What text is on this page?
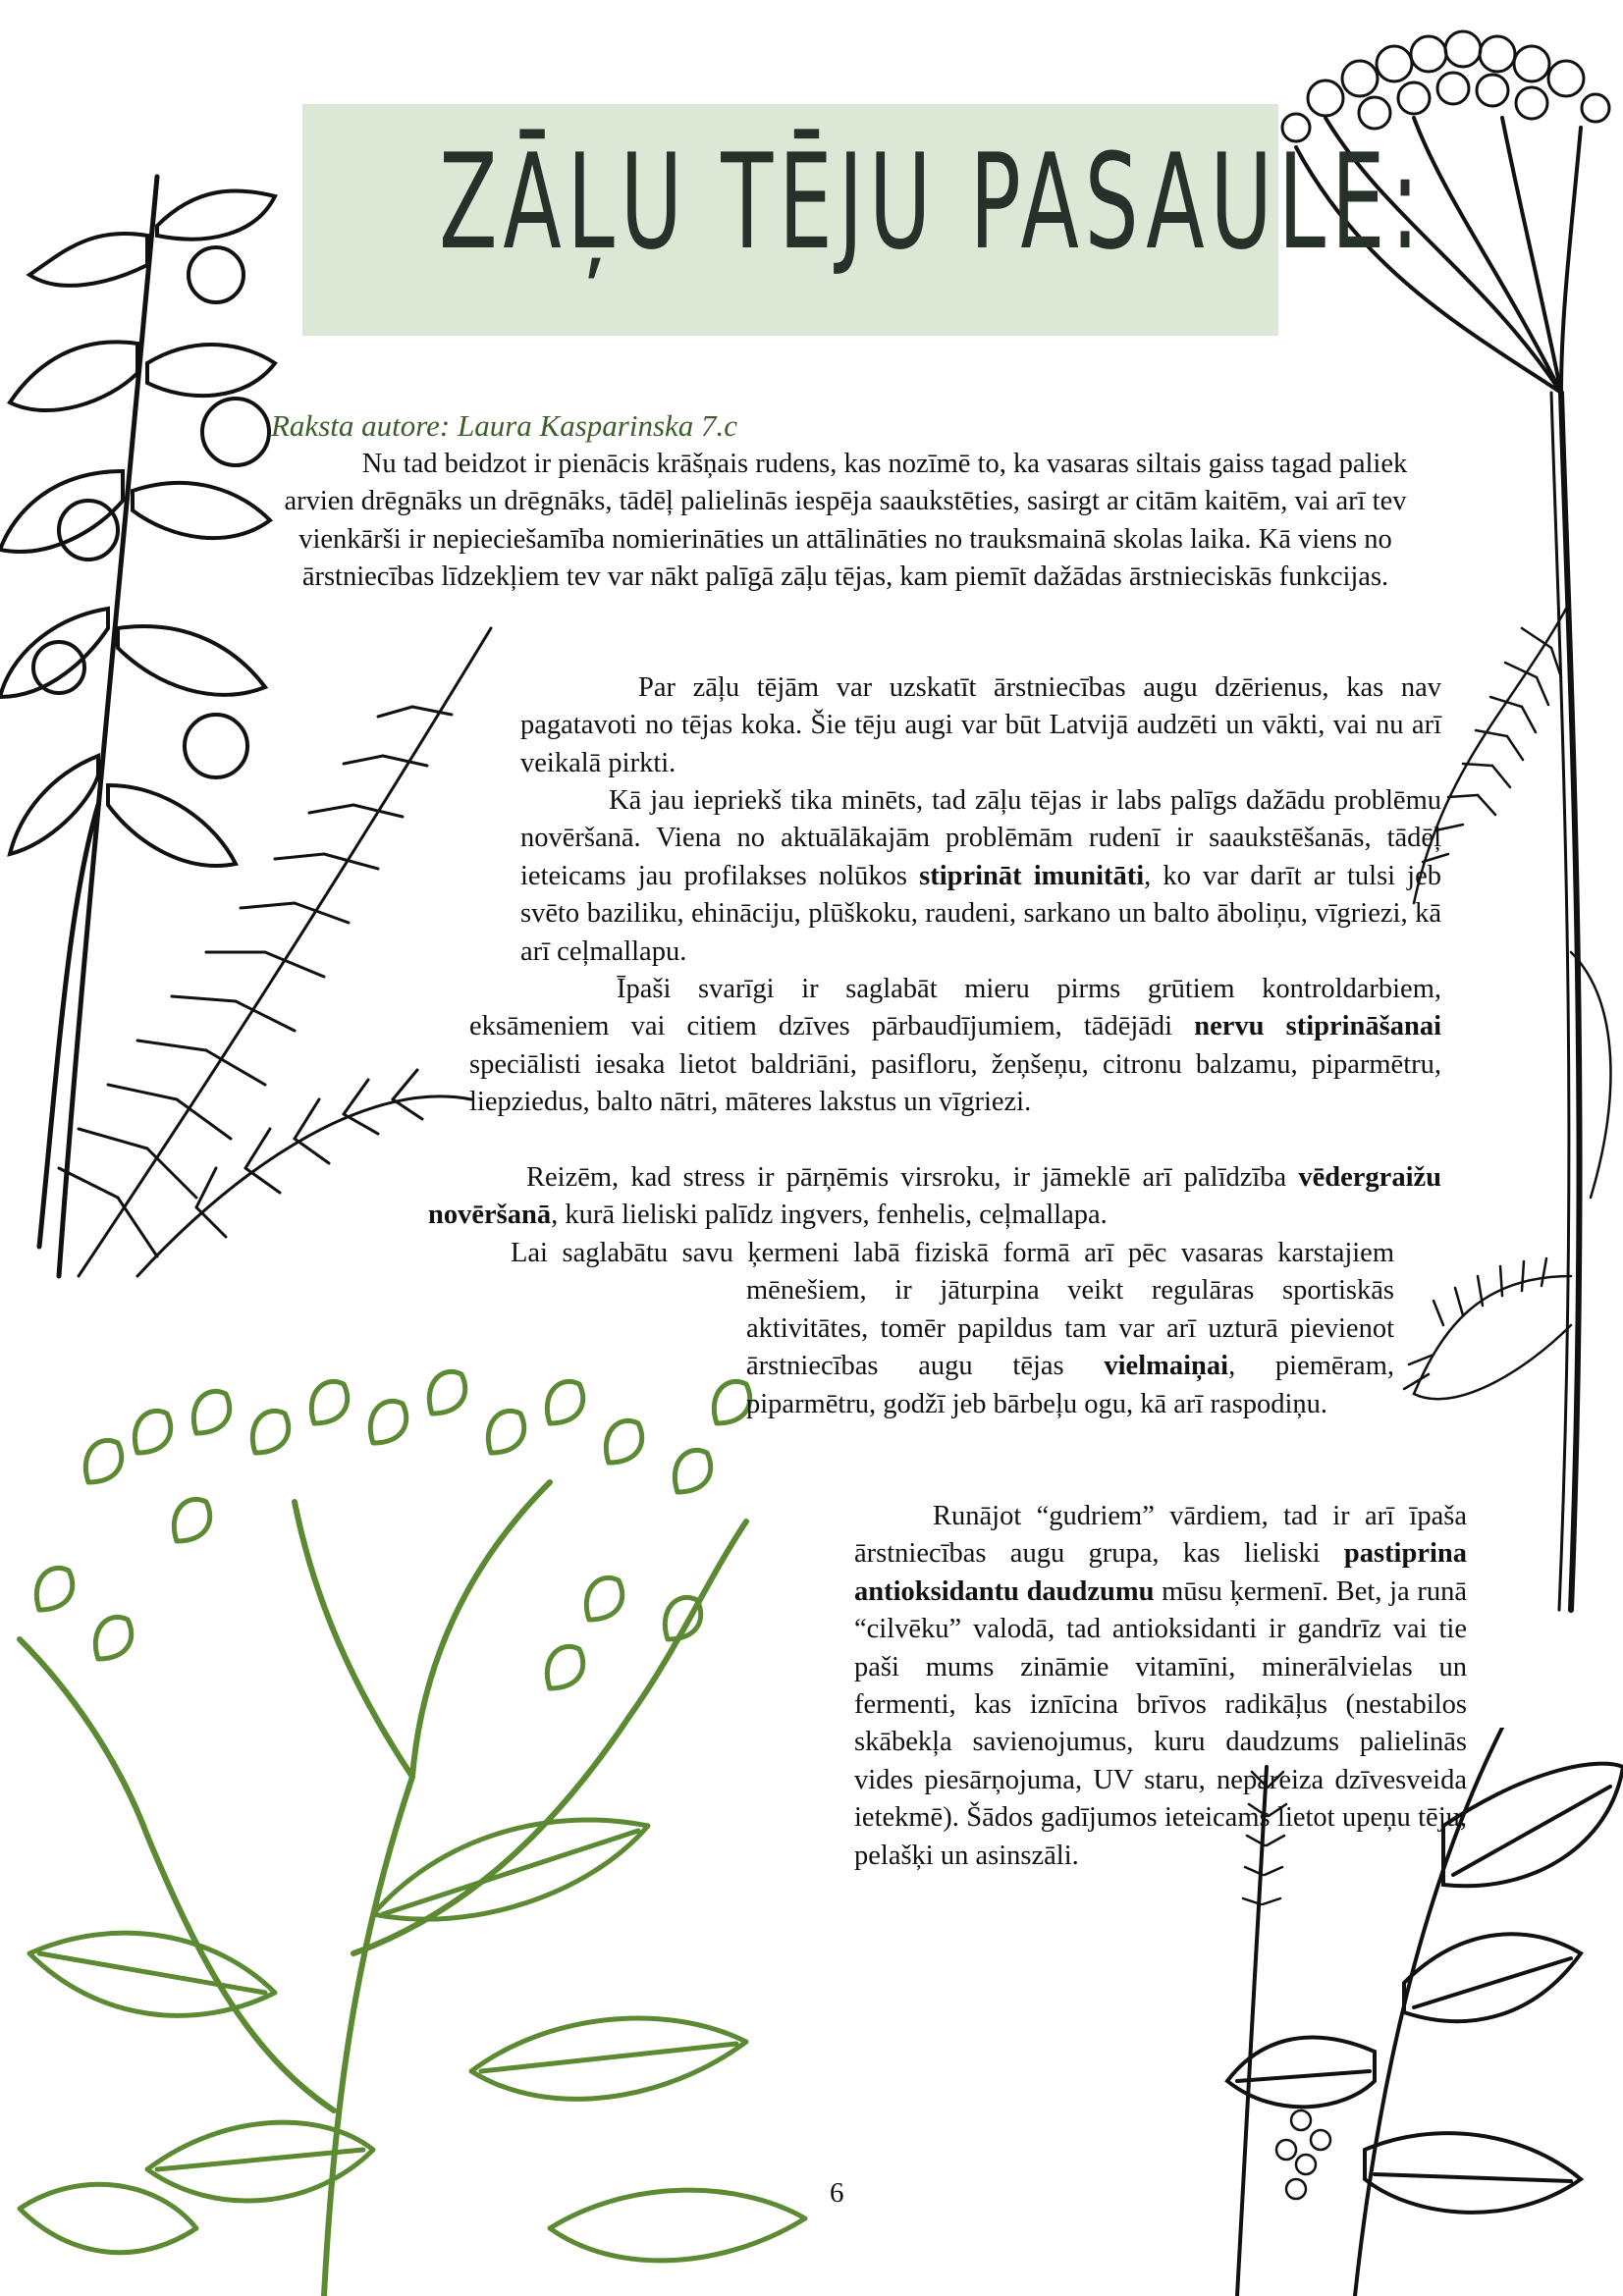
ZĀĻU TĒJU PASAULE:
Raksta autore: Laura Kasparinska 7.c

Nu tad beidzot ir pienācis krāšņais rudens, kas nozīmē to, ka vasaras siltais gaiss tagad paliek arvien drēgnāks un drēgnāks, tādēļ palielinās iespēja saaukstēties, sasirgt ar citām kaitēm, vai arī tev vienkārši ir nepieciešamība nomierināties un attālināties no trauksmainā skolas laika. Kā viens no ārstniecības līdzekļiem tev var nākt palīgā zāļu tējas, kam piemīt dažādas ārstnieciskās funkcijas.

Par zāļu tējām var uzskatīt ārstniecības augu dzērienus, kas nav pagatavoti no tējas koka. Šie tēju augi var būt Latvijā audzēti un vākti, vai nu arī veikalā pirkti.

Kā jau iepriekš tika minēts, tad zāļu tējas ir labs palīgs dažādu problēmu novēršanā. Viena no aktuālākajām problēmām rudenī ir saaukstēšanās, tādēļ ieteicams jau profilakses nolūkos stiprināt imunitāti, ko var darīt ar tulsi jeb svēto baziliku, ehināciju, plūškoku, raudeni, sarkano un balto āboliņu, vīgriezi, kā arī ceļmallapu.

Īpaši svarīgi ir saglabāt mieru pirms grūtiem kontroldarbiem, eksāmeniem vai citiem dzīves pārbaudījumiem, tādējādi nervu stiprināšanai speciālisti iesaka lietot baldriāni, pasifloru, žeņšeņu, citronu balzamu, piparmētru, liepziedus, balto nātri, māteres lakstus un vīgriezi.

Reizēm, kad stress ir pārņēmis virsroku, ir jāmeklē arī palīdzība vēdergraižu novēršanā, kurā lieliski palīdz ingvers, fenhelis, ceļmallapa.

Lai saglabātu savu ķermeni labā fiziskā formā arī pēc vasaras karstajiem mēnešiem, ir jāturpina veikt regulāras sportiskās aktivitātes, tomēr papildus tam var arī uzturā pievienot ārstniecības augu tējas vielmaiņai, piemēram, piparmētru, godžī jeb bārbeļu ogu, kā arī raspodiņu.

Runājot “gudriem” vārdiem, tad ir arī īpaša ārstniecības augu grupa, kas lieliski pastiprina antioksidantu daudzumu mūsu ķermenī. Bet, ja runā “cilvēku” valodā, tad antioksidanti ir gandrīz vai tie paši mums zināmie vitamīni, minerālvielas un fermenti, kas iznīcina brīvos radikāļus (nestabilos skābekļa savienojumus, kuru daudzums palielinās vides piesārņojuma, UV staru, nepareiza dzīvesveida ietekmē). Šādos gadījumos ieteicams lietot upeņu tēju, pelašķi un asinszāli.

6
